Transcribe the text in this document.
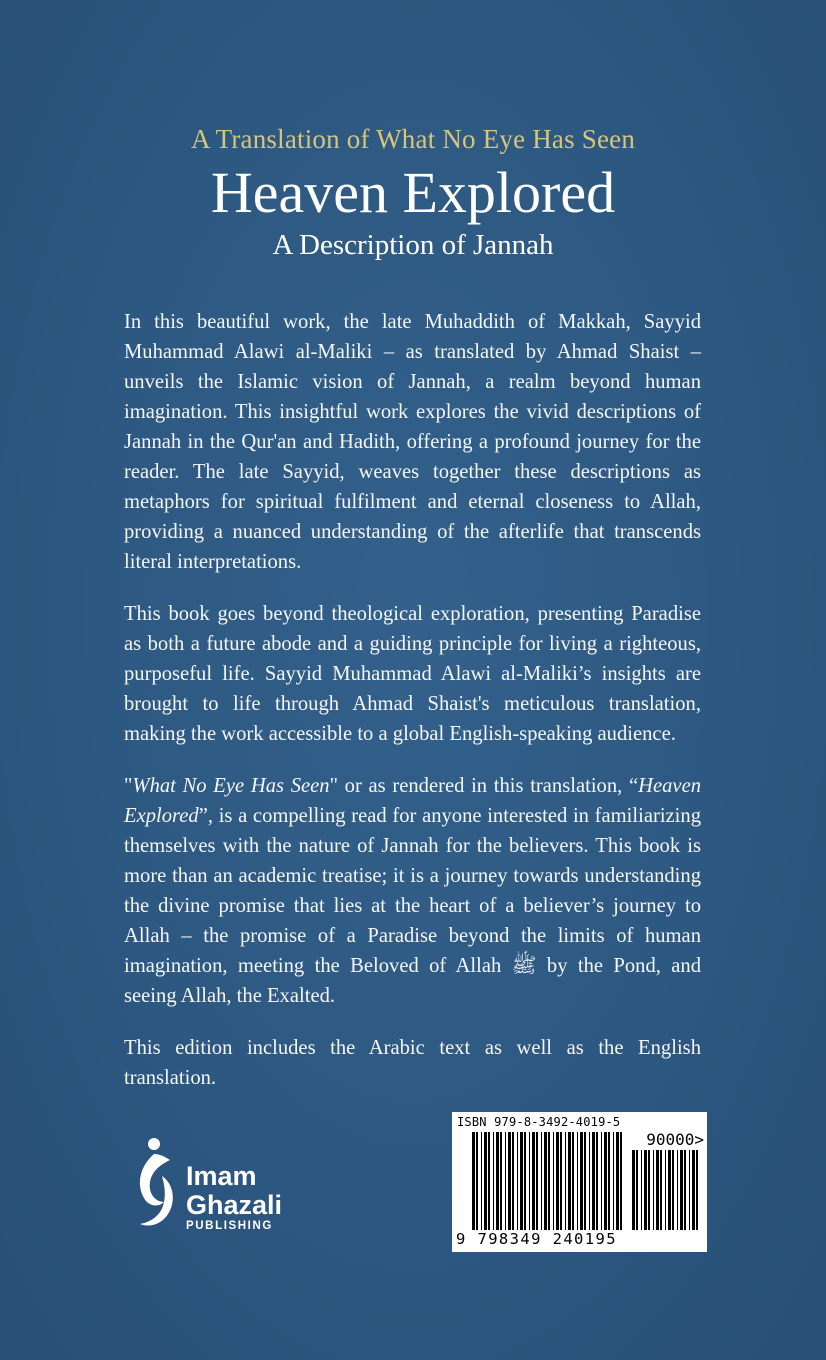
A Translation of What No Eye Has Seen
Heaven Explored
A Description of Jannah

In this beautiful work, the late Muhaddith of Makkah, Sayyid Muhammad Alawi al-Maliki – as translated by Ahmad Shaist – unveils the Islamic vision of Jannah, a realm beyond human imagination. This insightful work explores the vivid descriptions of Jannah in the Qur'an and Hadith, offering a profound journey for the reader. The late Sayyid, weaves together these descriptions as metaphors for spiritual fulfilment and eternal closeness to Allah, providing a nuanced understanding of the afterlife that transcends literal interpretations.

This book goes beyond theological exploration, presenting Paradise as both a future abode and a guiding principle for living a righteous, purposeful life. Sayyid Muhammad Alawi al-Maliki’s insights are brought to life through Ahmad Shaist's meticulous translation, making the work accessible to a global English-speaking audience.

"What No Eye Has Seen" or as rendered in this translation, “Heaven Explored”, is a compelling read for anyone interested in familiarizing themselves with the nature of Jannah for the believers. This book is more than an academic treatise; it is a journey towards understanding the divine promise that lies at the heart of a believer’s journey to Allah – the promise of a Paradise beyond the limits of human imagination, meeting the Beloved of Allah ﷺ by the Pond, and seeing Allah, the Exalted.

This edition includes the Arabic text as well as the English translation.

Imam
Ghazali
PUBLISHING
ISBN 979-8-3492-4019-5
90000>
9 798349 240195
